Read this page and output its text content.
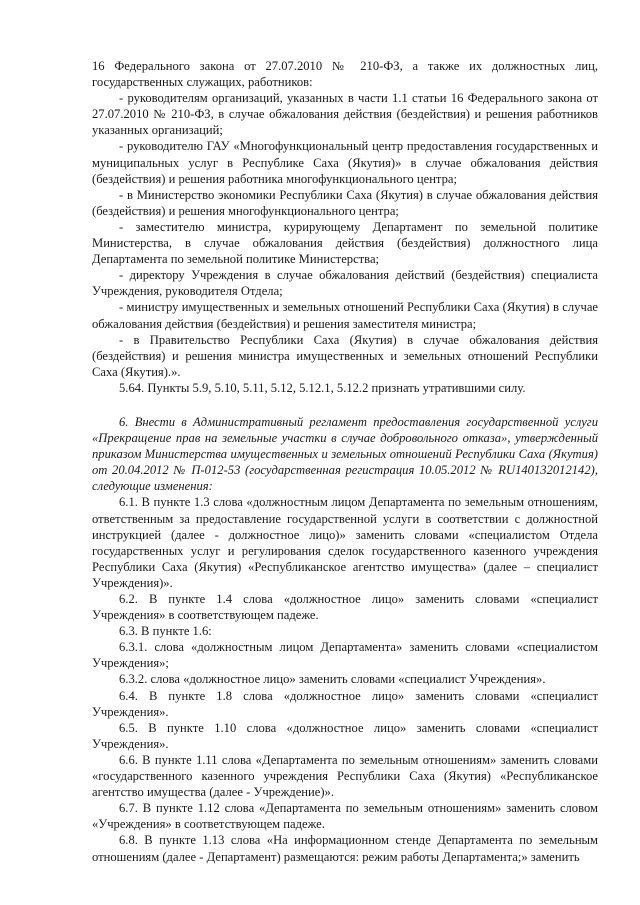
16 Федерального закона от 27.07.2010 № 210-ФЗ, а также их должностных лиц, государственных служащих, работников:

- руководителям организаций, указанных в части 1.1 статьи 16 Федерального закона от 27.07.2010 № 210-ФЗ, в случае обжалования действия (бездействия) и решения работников указанных организаций;

- руководителю ГАУ «Многофункциональный центр предоставления государственных и муниципальных услуг в Республике Саха (Якутия)» в случае обжалования действия (бездействия) и решения работника многофункционального центра;

- в Министерство экономики Республики Саха (Якутия) в случае обжалования действия (бездействия) и решения многофункционального центра;

- заместителю министра, курирующему Департамент по земельной политике Министерства, в случае обжалования действия (бездействия) должностного лица Департамента по земельной политике Министерства;

- директору Учреждения в случае обжалования действий (бездействия) специалиста Учреждения, руководителя Отдела;

- министру имущественных и земельных отношений Республики Саха (Якутия) в случае обжалования действия (бездействия) и решения заместителя министра;

- в Правительство Республики Саха (Якутия) в случае обжалования действия (бездействия) и решения министра имущественных и земельных отношений Республики Саха (Якутия).».

5.64. Пункты 5.9, 5.10, 5.11, 5.12, 5.12.1, 5.12.2 признать утратившими силу.

6. Внести в Административный регламент предоставления государственной услуги «Прекращение прав на земельные участки в случае добровольного отказа», утвержденный приказом Министерства имущественных и земельных отношений Республики Саха (Якутия) от 20.04.2012 № П-012-53 (государственная регистрация 10.05.2012 № RU140132012142), следующие изменения:

6.1. В пункте 1.3 слова «должностным лицом Департамента по земельным отношениям, ответственным за предоставление государственной услуги в соответствии с должностной инструкцией (далее - должностное лицо)» заменить словами «специалистом Отдела государственных услуг и регулирования сделок государственного казенного учреждения Республики Саха (Якутия) «Республиканское агентство имущества» (далее – специалист Учреждения)».

6.2. В пункте 1.4 слова «должностное лицо» заменить словами «специалист Учреждения» в соответствующем падеже.

6.3. В пункте 1.6:

6.3.1. слова «должностным лицом Департамента» заменить словами «специалистом Учреждения»;

6.3.2. слова «должностное лицо» заменить словами «специалист Учреждения».

6.4. В пункте 1.8 слова «должностное лицо» заменить словами «специалист Учреждения».

6.5. В пункте 1.10 слова «должностное лицо» заменить словами «специалист Учреждения».

6.6. В пункте 1.11 слова «Департамента по земельным отношениям» заменить словами «государственного казенного учреждения Республики Саха (Якутия) «Республиканское агентство имущества (далее - Учреждение)».

6.7. В пункте 1.12 слова «Департамента по земельным отношениям» заменить словом «Учреждения» в соответствующем падеже.

6.8. В пункте 1.13 слова «На информационном стенде Департамента по земельным отношениям (далее - Департамент) размещаются: режим работы Департамента;» заменить
